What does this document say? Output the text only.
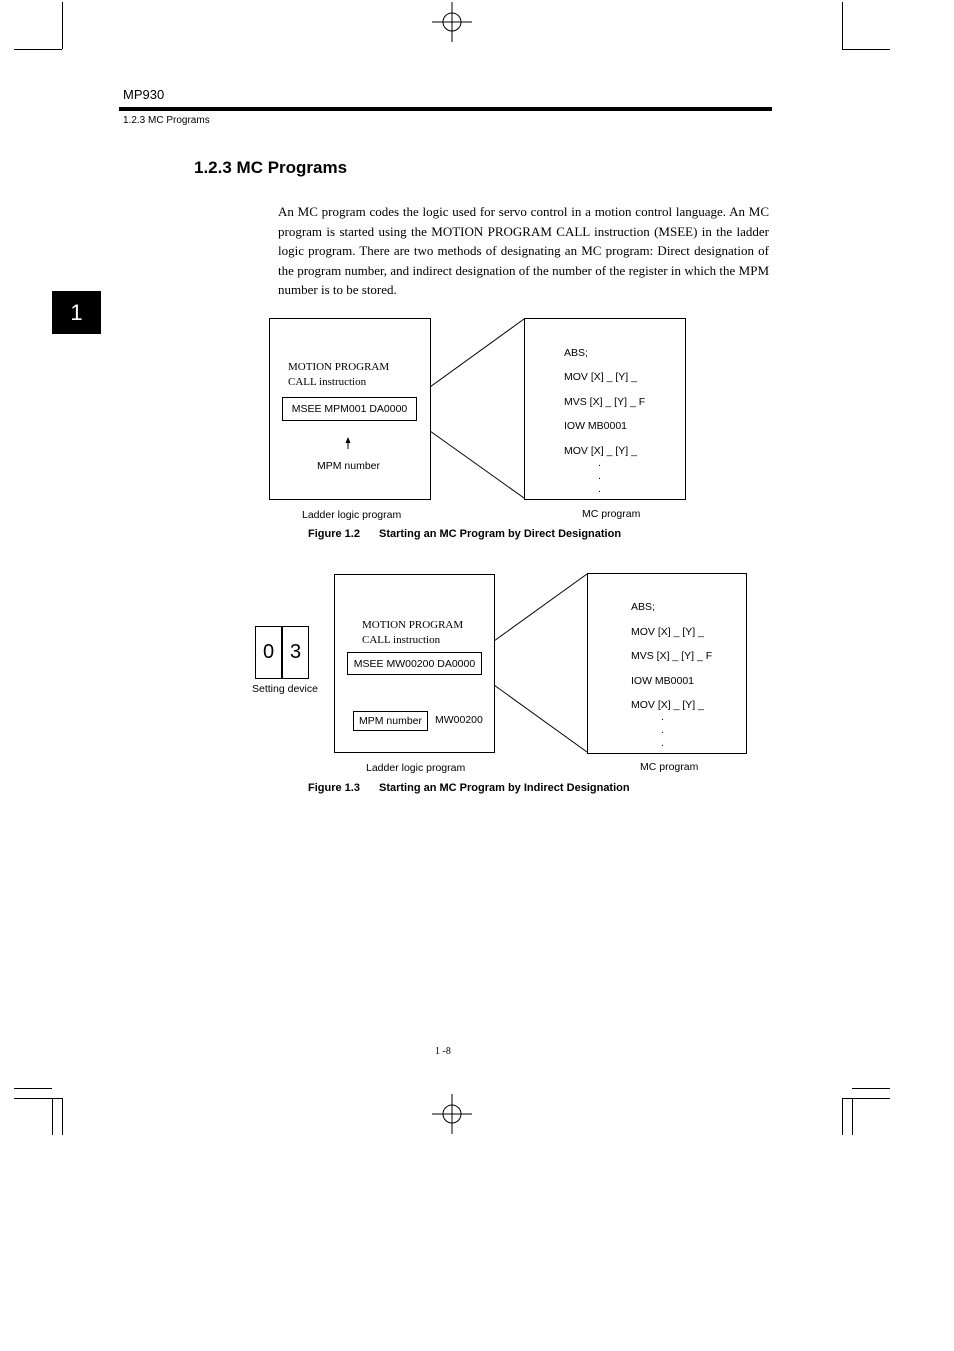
MP930
1.2.3 MC Programs
1
1.2.3 MC Programs
An MC program codes the logic used for servo control in a motion control language. An MC program is started using the MOTION PROGRAM CALL instruction (MSEE) in the ladder logic program. There are two methods of designating an MC program: Direct designation of the program number, and indirect designation of the number of the register in which the MPM number is to be stored.
MOTION PROGRAM
CALL instruction
MSEE MPM001 DA0000
MPM number
ABS;
MOV [X] _ [Y] _
MVS [X] _ [Y] _ F
IOW MB0001
MOV [X] _ [Y] _
.
.
.
Ladder logic program	MC program
Figure 1.2 Starting an MC Program by Direct Designation
0 3
Setting device
MOTION PROGRAM
CALL instruction
MSEE MW00200 DA0000
MPM number	MW00200
ABS;
MOV [X] _ [Y] _
MVS [X] _ [Y] _ F
IOW MB0001
MOV [X] _ [Y] _
.
.
.
Ladder logic program	MC program
Figure 1.3 Starting an MC Program by Indirect Designation
1 -8
